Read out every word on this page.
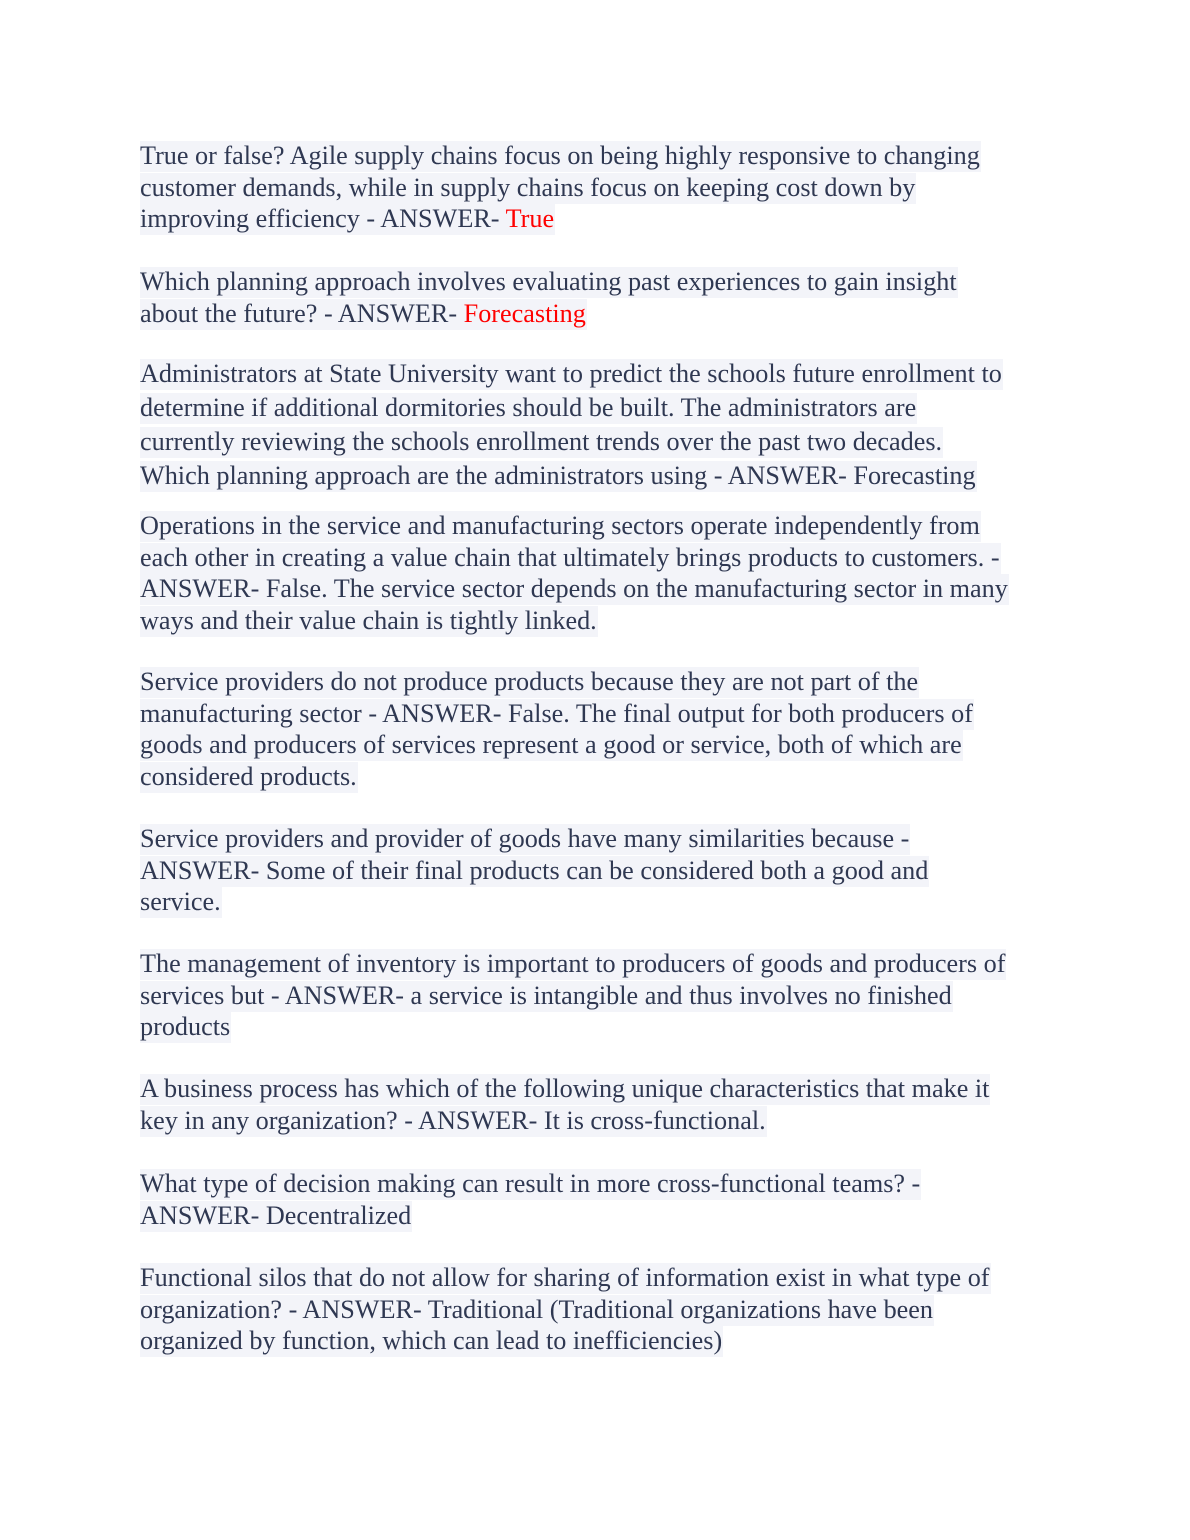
True or false? Agile supply chains focus on being highly responsive to changing
customer demands, while in supply chains focus on keeping cost down by
improving efficiency - ANSWER- True

Which planning approach involves evaluating past experiences to gain insight
about the future? - ANSWER- Forecasting

Administrators at State University want to predict the schools future enrollment to
determine if additional dormitories should be built. The administrators are
currently reviewing the schools enrollment trends over the past two decades.
Which planning approach are the administrators using - ANSWER- Forecasting

Operations in the service and manufacturing sectors operate independently from
each other in creating a value chain that ultimately brings products to customers. -
ANSWER- False. The service sector depends on the manufacturing sector in many
ways and their value chain is tightly linked.

Service providers do not produce products because they are not part of the
manufacturing sector - ANSWER- False. The final output for both producers of
goods and producers of services represent a good or service, both of which are
considered products.

Service providers and provider of goods have many similarities because -
ANSWER- Some of their final products can be considered both a good and
service.

The management of inventory is important to producers of goods and producers of
services but - ANSWER- a service is intangible and thus involves no finished
products

A business process has which of the following unique characteristics that make it
key in any organization? - ANSWER- It is cross-functional.

What type of decision making can result in more cross-functional teams? -
ANSWER- Decentralized

Functional silos that do not allow for sharing of information exist in what type of
organization? - ANSWER- Traditional (Traditional organizations have been
organized by function, which can lead to inefficiencies)
